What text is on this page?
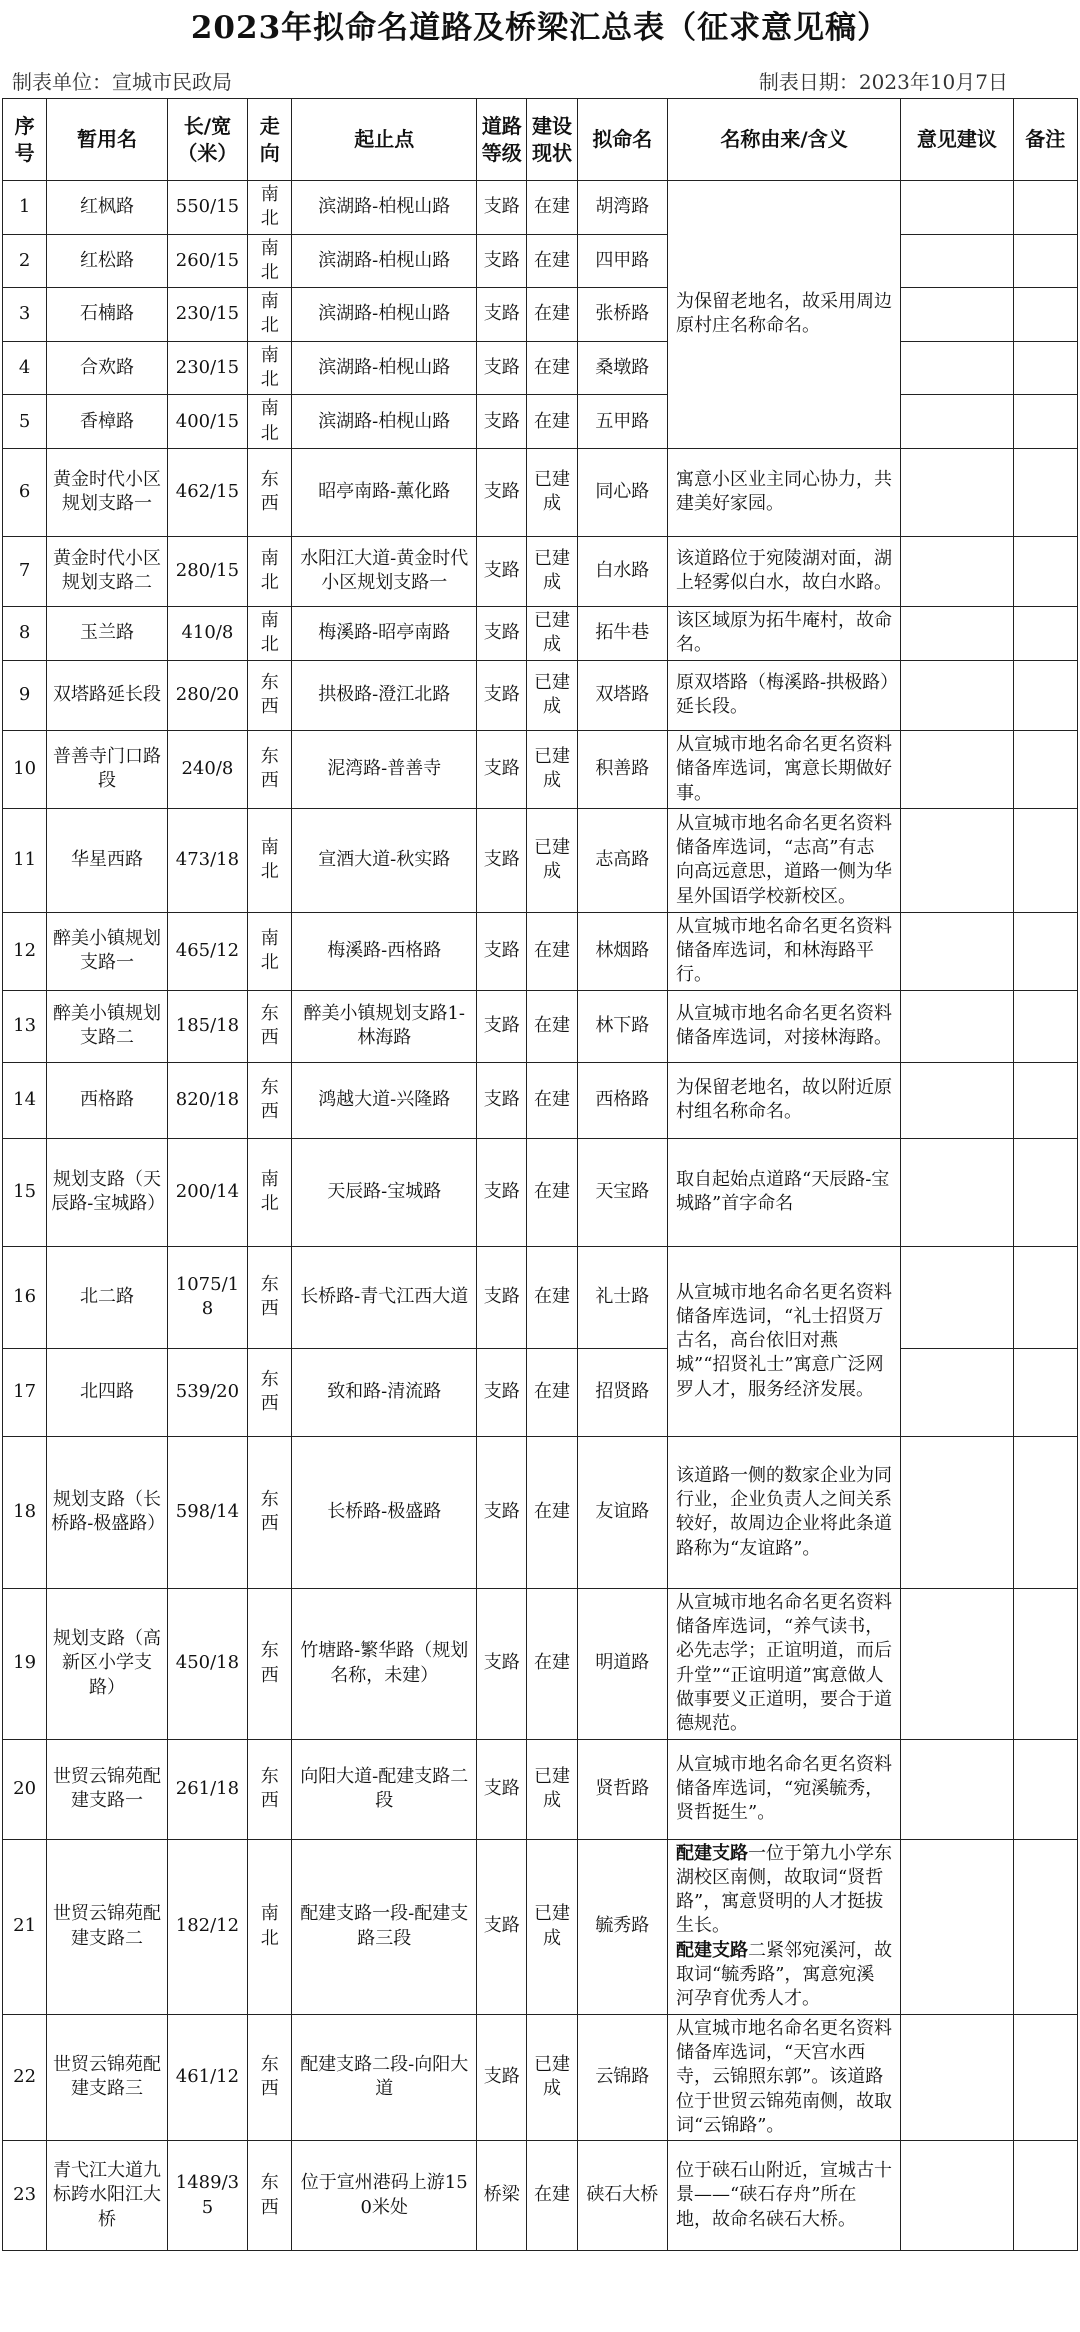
2023年拟命名道路及桥梁汇总表（征求意见稿）
制表单位：宣城市民政局	制表日期：2023年10月7日
序号	暂用名	长/宽（米）	走向	起止点	道路等级	建设现状	拟命名	名称由来/含义	意见建议	备注
1	红枫路	550/15	南北	滨湖路-柏枧山路	支路	在建	胡湾路	为保留老地名，故采用周边原村庄名称命名。		
2	红松路	260/15	南北	滨湖路-柏枧山路	支路	在建	四甲路			
3	石楠路	230/15	南北	滨湖路-柏枧山路	支路	在建	张桥路			
4	合欢路	230/15	南北	滨湖路-柏枧山路	支路	在建	桑墩路			
5	香樟路	400/15	南北	滨湖路-柏枧山路	支路	在建	五甲路			
6	黄金时代小区规划支路一	462/15	东西	昭亭南路-薰化路	支路	已建成	同心路	寓意小区业主同心协力，共建美好家园。		
7	黄金时代小区规划支路二	280/15	南北	水阳江大道-黄金时代小区规划支路一	支路	已建成	白水路	该道路位于宛陵湖对面，湖上轻雾似白水，故白水路。		
8	玉兰路	410/8	南北	梅溪路-昭亭南路	支路	已建成	拓牛巷	该区域原为拓牛庵村，故命名。		
9	双塔路延长段	280/20	东西	拱极路-澄江北路	支路	已建成	双塔路	原双塔路（梅溪路-拱极路）延长段。		
10	普善寺门口路段	240/8	东西	泥湾路-普善寺	支路	已建成	积善路	从宣城市地名命名更名资料储备库选词，寓意长期做好事。		
11	华星西路	473/18	南北	宣酒大道-秋实路	支路	已建成	志高路	从宣城市地名命名更名资料储备库选词，“志高”有志向高远意思，道路一侧为华星外国语学校新校区。		
12	醉美小镇规划支路一	465/12	南北	梅溪路-西格路	支路	在建	林烟路	从宣城市地名命名更名资料储备库选词，和林海路平行。		
13	醉美小镇规划支路二	185/18	东西	醉美小镇规划支路1-林海路	支路	在建	林下路	从宣城市地名命名更名资料储备库选词，对接林海路。		
14	西格路	820/18	东西	鸿越大道-兴隆路	支路	在建	西格路	为保留老地名，故以附近原村组名称命名。		
15	规划支路（天辰路-宝城路）	200/14	南北	天辰路-宝城路	支路	在建	天宝路	取自起始点道路“天辰路-宝城路”首字命名		
16	北二路	1075/18	东西	长桥路-青弋江西大道	支路	在建	礼士路	从宣城市地名命名更名资料储备库选词，“礼士招贤万古名，高台依旧对燕城”“招贤礼士”寓意广泛网罗人才，服务经济发展。		
17	北四路	539/20	东西	致和路-清流路	支路	在建	招贤路			
18	规划支路（长桥路-极盛路）	598/14	东西	长桥路-极盛路	支路	在建	友谊路	该道路一侧的数家企业为同行业，企业负责人之间关系较好，故周边企业将此条道路称为“友谊路”。		
19	规划支路（高新区小学支路）	450/18	东西	竹塘路-繁华路（规划名称，未建）	支路	在建	明道路	从宣城市地名命名更名资料储备库选词，“养气读书，必先志学；正谊明道，而后升堂”“正谊明道”寓意做人做事要义正道明，要合于道德规范。		
20	世贸云锦苑配建支路一	261/18	东西	向阳大道-配建支路二段	支路	已建成	贤哲路	从宣城市地名命名更名资料储备库选词，“宛溪毓秀，贤哲挺生”。		
21	世贸云锦苑配建支路二	182/12	南北	配建支路一段-配建支路三段	支路	已建成	毓秀路	配建支路一位于第九小学东湖校区南侧，故取词“贤哲路”，寓意贤明的人才挺拔生长。
配建支路二紧邻宛溪河，故取词“毓秀路”，寓意宛溪河孕育优秀人才。		
22	世贸云锦苑配建支路三	461/12	东西	配建支路二段-向阳大道	支路	已建成	云锦路	从宣城市地名命名更名资料储备库选词，“天宫水西寺，云锦照东郭”。该道路位于世贸云锦苑南侧，故取词“云锦路”。		
23	青弋江大道九标跨水阳江大桥	1489/35	东西	位于宣州港码上游150米处	桥梁	在建	硖石大桥	位于硖石山附近，宣城古十景——“硖石存舟”所在地，故命名硖石大桥。		
